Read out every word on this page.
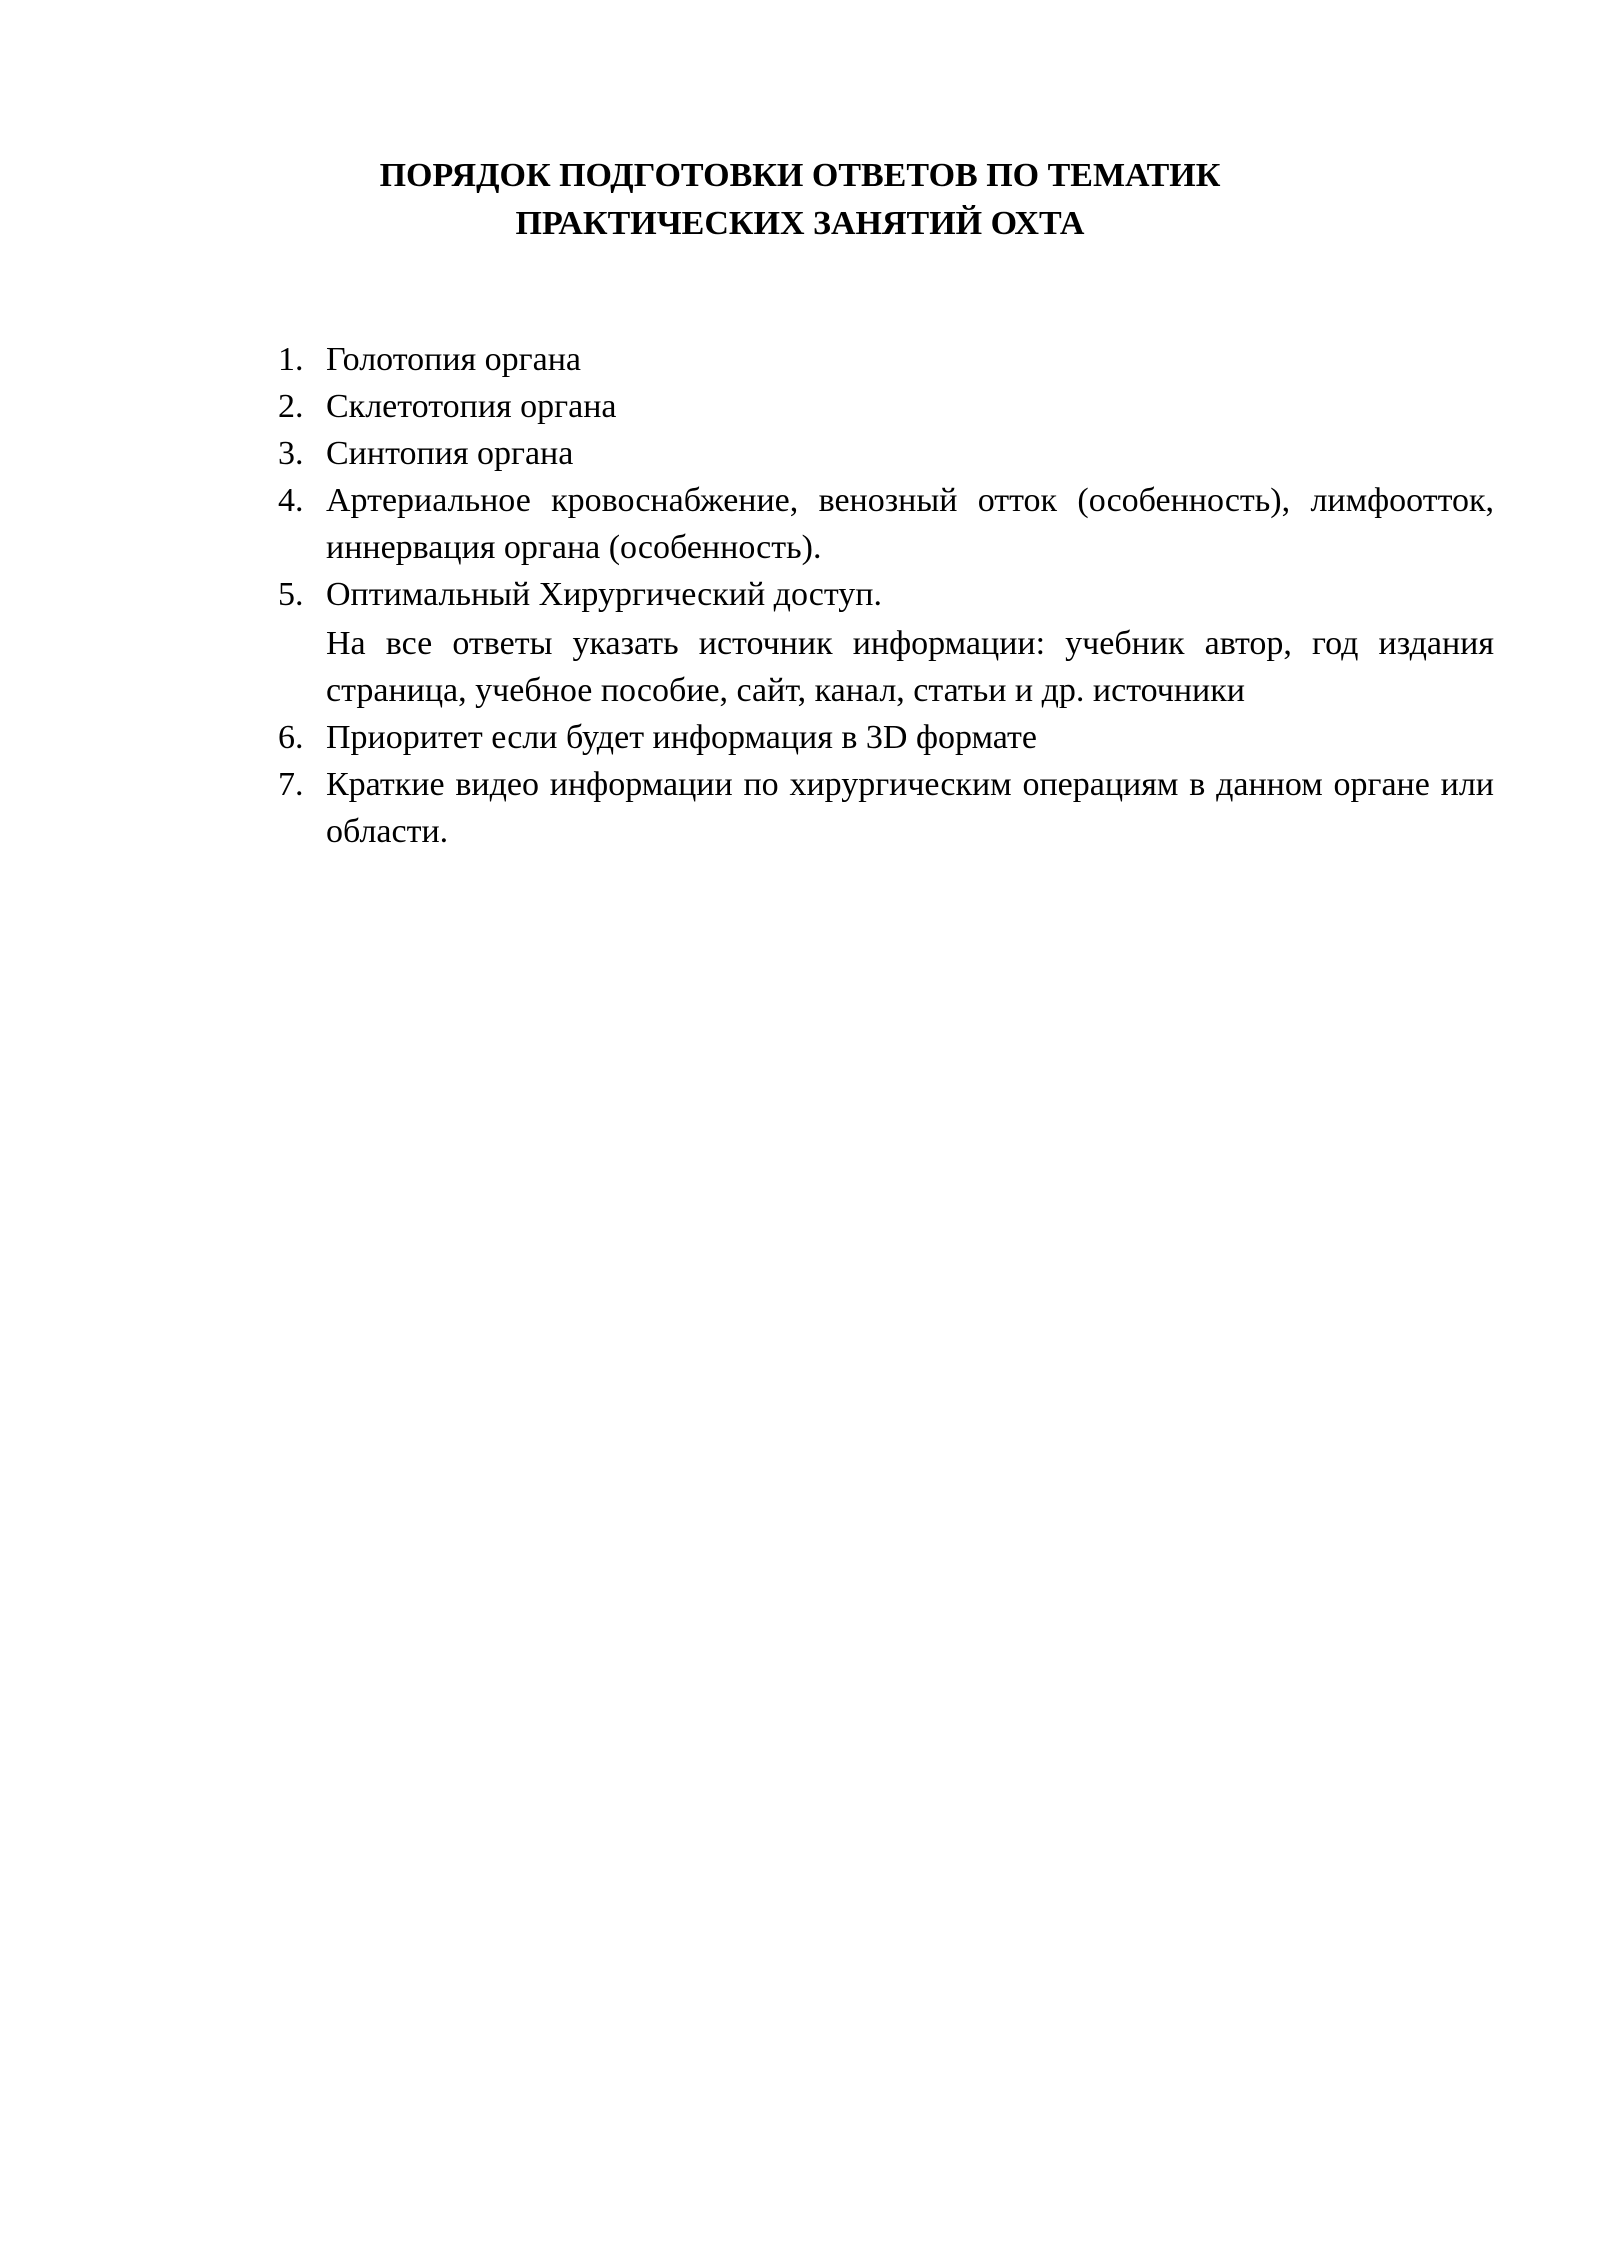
ПОРЯДОК ПОДГОТОВКИ ОТВЕТОВ ПО ТЕМАТИК
ПРАКТИЧЕСКИХ ЗАНЯТИЙ ОХТА
1. Голотопия органа
2. Склетотопия органа
3. Синтопия органа
4. Артериальное кровоснабжение, венозный отток (особенность), лимфоотток, иннервация органа (особенность).
5. Оптимальный Хирургический доступ.
На все ответы указать источник информации: учебник автор, год издания страница, учебное пособие, сайт, канал, статьи и др. источники
6. Приоритет если будет информация в 3D формате
7. Краткие видео информации по хирургическим операциям в данном органе или области.
